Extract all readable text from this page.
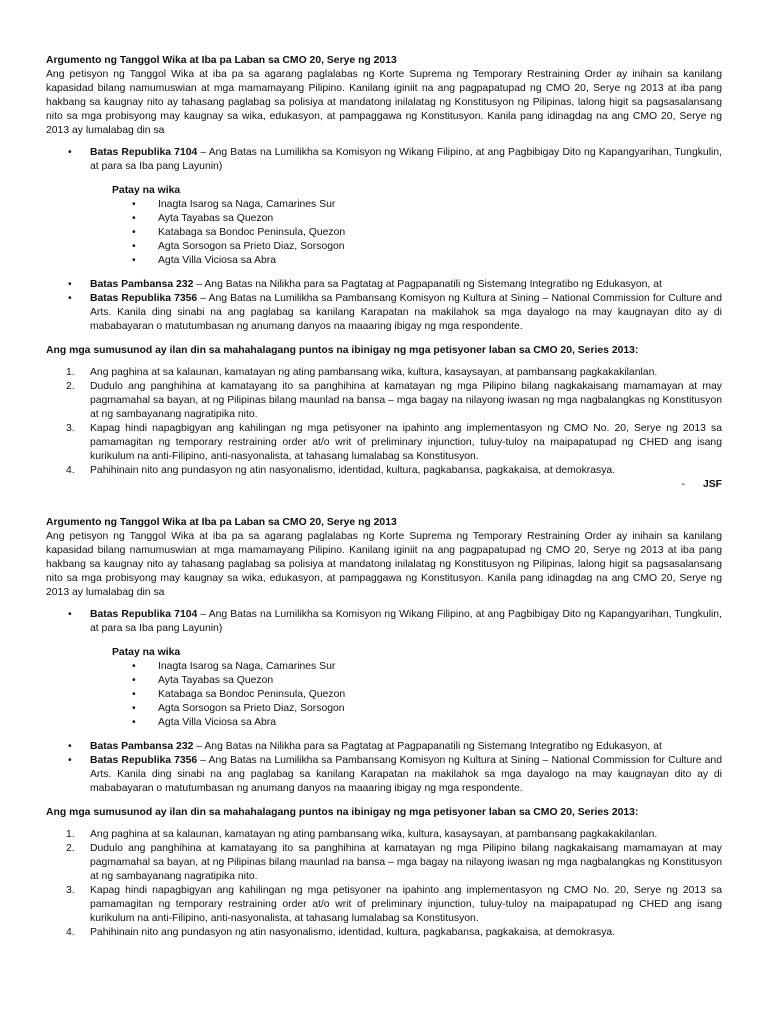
Argumento ng Tanggol Wika at Iba pa Laban sa CMO 20, Serye ng 2013

Ang petisyon ng Tanggol Wika at iba pa sa agarang paglalabas ng Korte Suprema ng Temporary Restraining Order ay inihain sa kanilang kapasidad bilang namumuswian at mga mamamayang Pilipino. Kanilang iginiit na ang pagpapatupad ng CMO 20, Serye ng 2013 at iba pang hakbang sa kaugnay nito ay tahasang paglabag sa polisiya at mandatong inilalatag ng Konstitusyon ng Pilipinas, lalong higit sa pagsasalansang nito sa mga probisyong may kaugnay sa wika, edukasyon, at pampaggawa ng Konstitusyon. Kanila pang idinagdag na ang CMO 20, Serye ng 2013 ay lumalabag din sa

• Batas Republika 7104 – Ang Batas na Lumilikha sa Komisyon ng Wikang Filipino, at ang Pagbibigay Dito ng Kapangyarihan, Tungkulin, at para sa Iba pang Layunin)
Patay na wika
• Inagta Isarog sa Naga, Camarines Sur
• Ayta Tayabas sa Quezon
• Katabaga sa Bondoc Peninsula, Quezon
• Agta Sorsogon sa Prieto Diaz, Sorsogon
• Agta Villa Viciosa sa Abra
• Batas Pambansa 232 – Ang Batas na Nilikha para sa Pagtatag at Pagpapanatili ng Sistemang Integratibo ng Edukasyon, at
• Batas Republika 7356 – Ang Batas na Lumilikha sa Pambansang Komisyon ng Kultura at Sining – National Commission for Culture and Arts. Kanila ding sinabi na ang paglabag sa kanilang Karapatan na makilahok sa mga dayalogo na may kaugnayan dito ay di mababayaran o matutumbasan ng anumang danyos na maaaring ibigay ng mga respondente.

Ang mga sumusunod ay ilan din sa mahahalagang puntos na ibinigay ng mga petisyoner laban sa CMO 20, Series 2013:

1. Ang paghina at sa kalaunan, kamatayan ng ating pambansang wika, kultura, kasaysayan, at pambansang pagkakakilanlan.
2. Dudulo ang panghihina at kamatayang ito sa panghihina at kamatayan ng mga Pilipino bilang nagkakaisang mamamayan at may pagmamahal sa bayan, at ng Pilipinas bilang maunlad na bansa – mga bagay na nilayong iwasan ng mga nagbalangkas ng Konstitusyon at ng sambayanang nagratipika nito.
3. Kapag hindi napagbigyan ang kahilingan ng mga petisyoner na ipahinto ang implementasyon ng CMO No. 20, Serye ng 2013 sa pamamagitan ng temporary restraining order at/o writ of preliminary injunction, tuluy-tuloy na maipapatupad ng CHED ang isang kurikulum na anti-Filipino, anti-nasyonalista, at tahasang lumalabag sa Konstitusyon.
4. Pahihinain nito ang pundasyon ng atin nasyonalismo, identidad, kultura, pagkabansa, pagkakaisa, at demokrasya.

- JSF

Argumento ng Tanggol Wika at Iba pa Laban sa CMO 20, Serye ng 2013

Ang petisyon ng Tanggol Wika at iba pa sa agarang paglalabas ng Korte Suprema ng Temporary Restraining Order ay inihain sa kanilang kapasidad bilang namumuswian at mga mamamayang Pilipino. Kanilang iginiit na ang pagpapatupad ng CMO 20, Serye ng 2013 at iba pang hakbang sa kaugnay nito ay tahasang paglabag sa polisiya at mandatong inilalatag ng Konstitusyon ng Pilipinas, lalong higit sa pagsasalansang nito sa mga probisyong may kaugnay sa wika, edukasyon, at pampaggawa ng Konstitusyon. Kanila pang idinagdag na ang CMO 20, Serye ng 2013 ay lumalabag din sa

• Batas Republika 7104 – Ang Batas na Lumilikha sa Komisyon ng Wikang Filipino, at ang Pagbibigay Dito ng Kapangyarihan, Tungkulin, at para sa Iba pang Layunin)
Patay na wika
• Inagta Isarog sa Naga, Camarines Sur
• Ayta Tayabas sa Quezon
• Katabaga sa Bondoc Peninsula, Quezon
• Agta Sorsogon sa Prieto Diaz, Sorsogon
• Agta Villa Viciosa sa Abra
• Batas Pambansa 232 – Ang Batas na Nilikha para sa Pagtatag at Pagpapanatili ng Sistemang Integratibo ng Edukasyon, at
• Batas Republika 7356 – Ang Batas na Lumilikha sa Pambansang Komisyon ng Kultura at Sining – National Commission for Culture and Arts. Kanila ding sinabi na ang paglabag sa kanilang Karapatan na makilahok sa mga dayalogo na may kaugnayan dito ay di mababayaran o matutumbasan ng anumang danyos na maaaring ibigay ng mga respondente.

Ang mga sumusunod ay ilan din sa mahahalagang puntos na ibinigay ng mga petisyoner laban sa CMO 20, Series 2013:

1. Ang paghina at sa kalaunan, kamatayan ng ating pambansang wika, kultura, kasaysayan, at pambansang pagkakakilanlan.
2. Dudulo ang panghihina at kamatayang ito sa panghihina at kamatayan ng mga Pilipino bilang nagkakaisang mamamayan at may pagmamahal sa bayan, at ng Pilipinas bilang maunlad na bansa – mga bagay na nilayong iwasan ng mga nagbalangkas ng Konstitusyon at ng sambayanang nagratipika nito.
3. Kapag hindi napagbigyan ang kahilingan ng mga petisyoner na ipahinto ang implementasyon ng CMO No. 20, Serye ng 2013 sa pamamagitan ng temporary restraining order at/o writ of preliminary injunction, tuluy-tuloy na maipapatupad ng CHED ang isang kurikulum na anti-Filipino, anti-nasyonalista, at tahasang lumalabag sa Konstitusyon.
4. Pahihinain nito ang pundasyon ng atin nasyonalismo, identidad, kultura, pagkabansa, pagkakaisa, at demokrasya.
